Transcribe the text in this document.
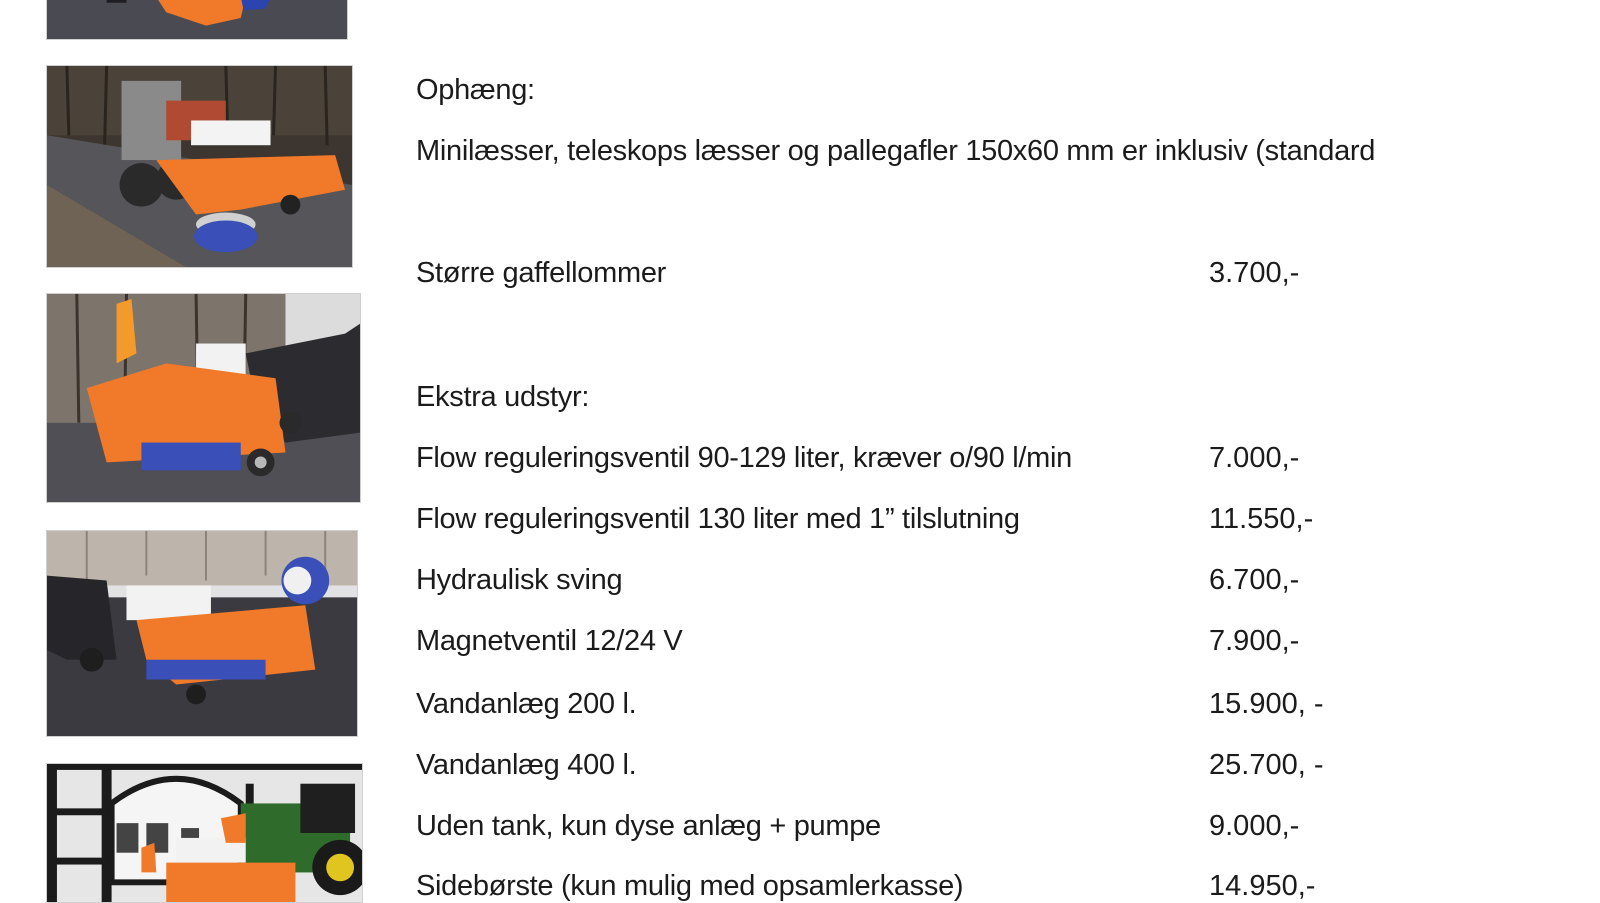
Ophæng:
Minilæsser, teleskops læsser og pallegafler 150x60 mm er inklusiv (standard
Større gaffellommer	3.700,-
Ekstra udstyr:
Flow reguleringsventil 90-129 liter, kræver o/90 l/min	7.000,-
Flow reguleringsventil 130 liter med 1” tilslutning	11.550,-
Hydraulisk sving	6.700,-
Magnetventil 12/24 V	7.900,-
Vandanlæg 200 l.	15.900, -
Vandanlæg 400 l.	25.700, -
Uden tank, kun dyse anlæg + pumpe	9.000,-
Sidebørste (kun mulig med opsamlerkasse)	14.950,-
